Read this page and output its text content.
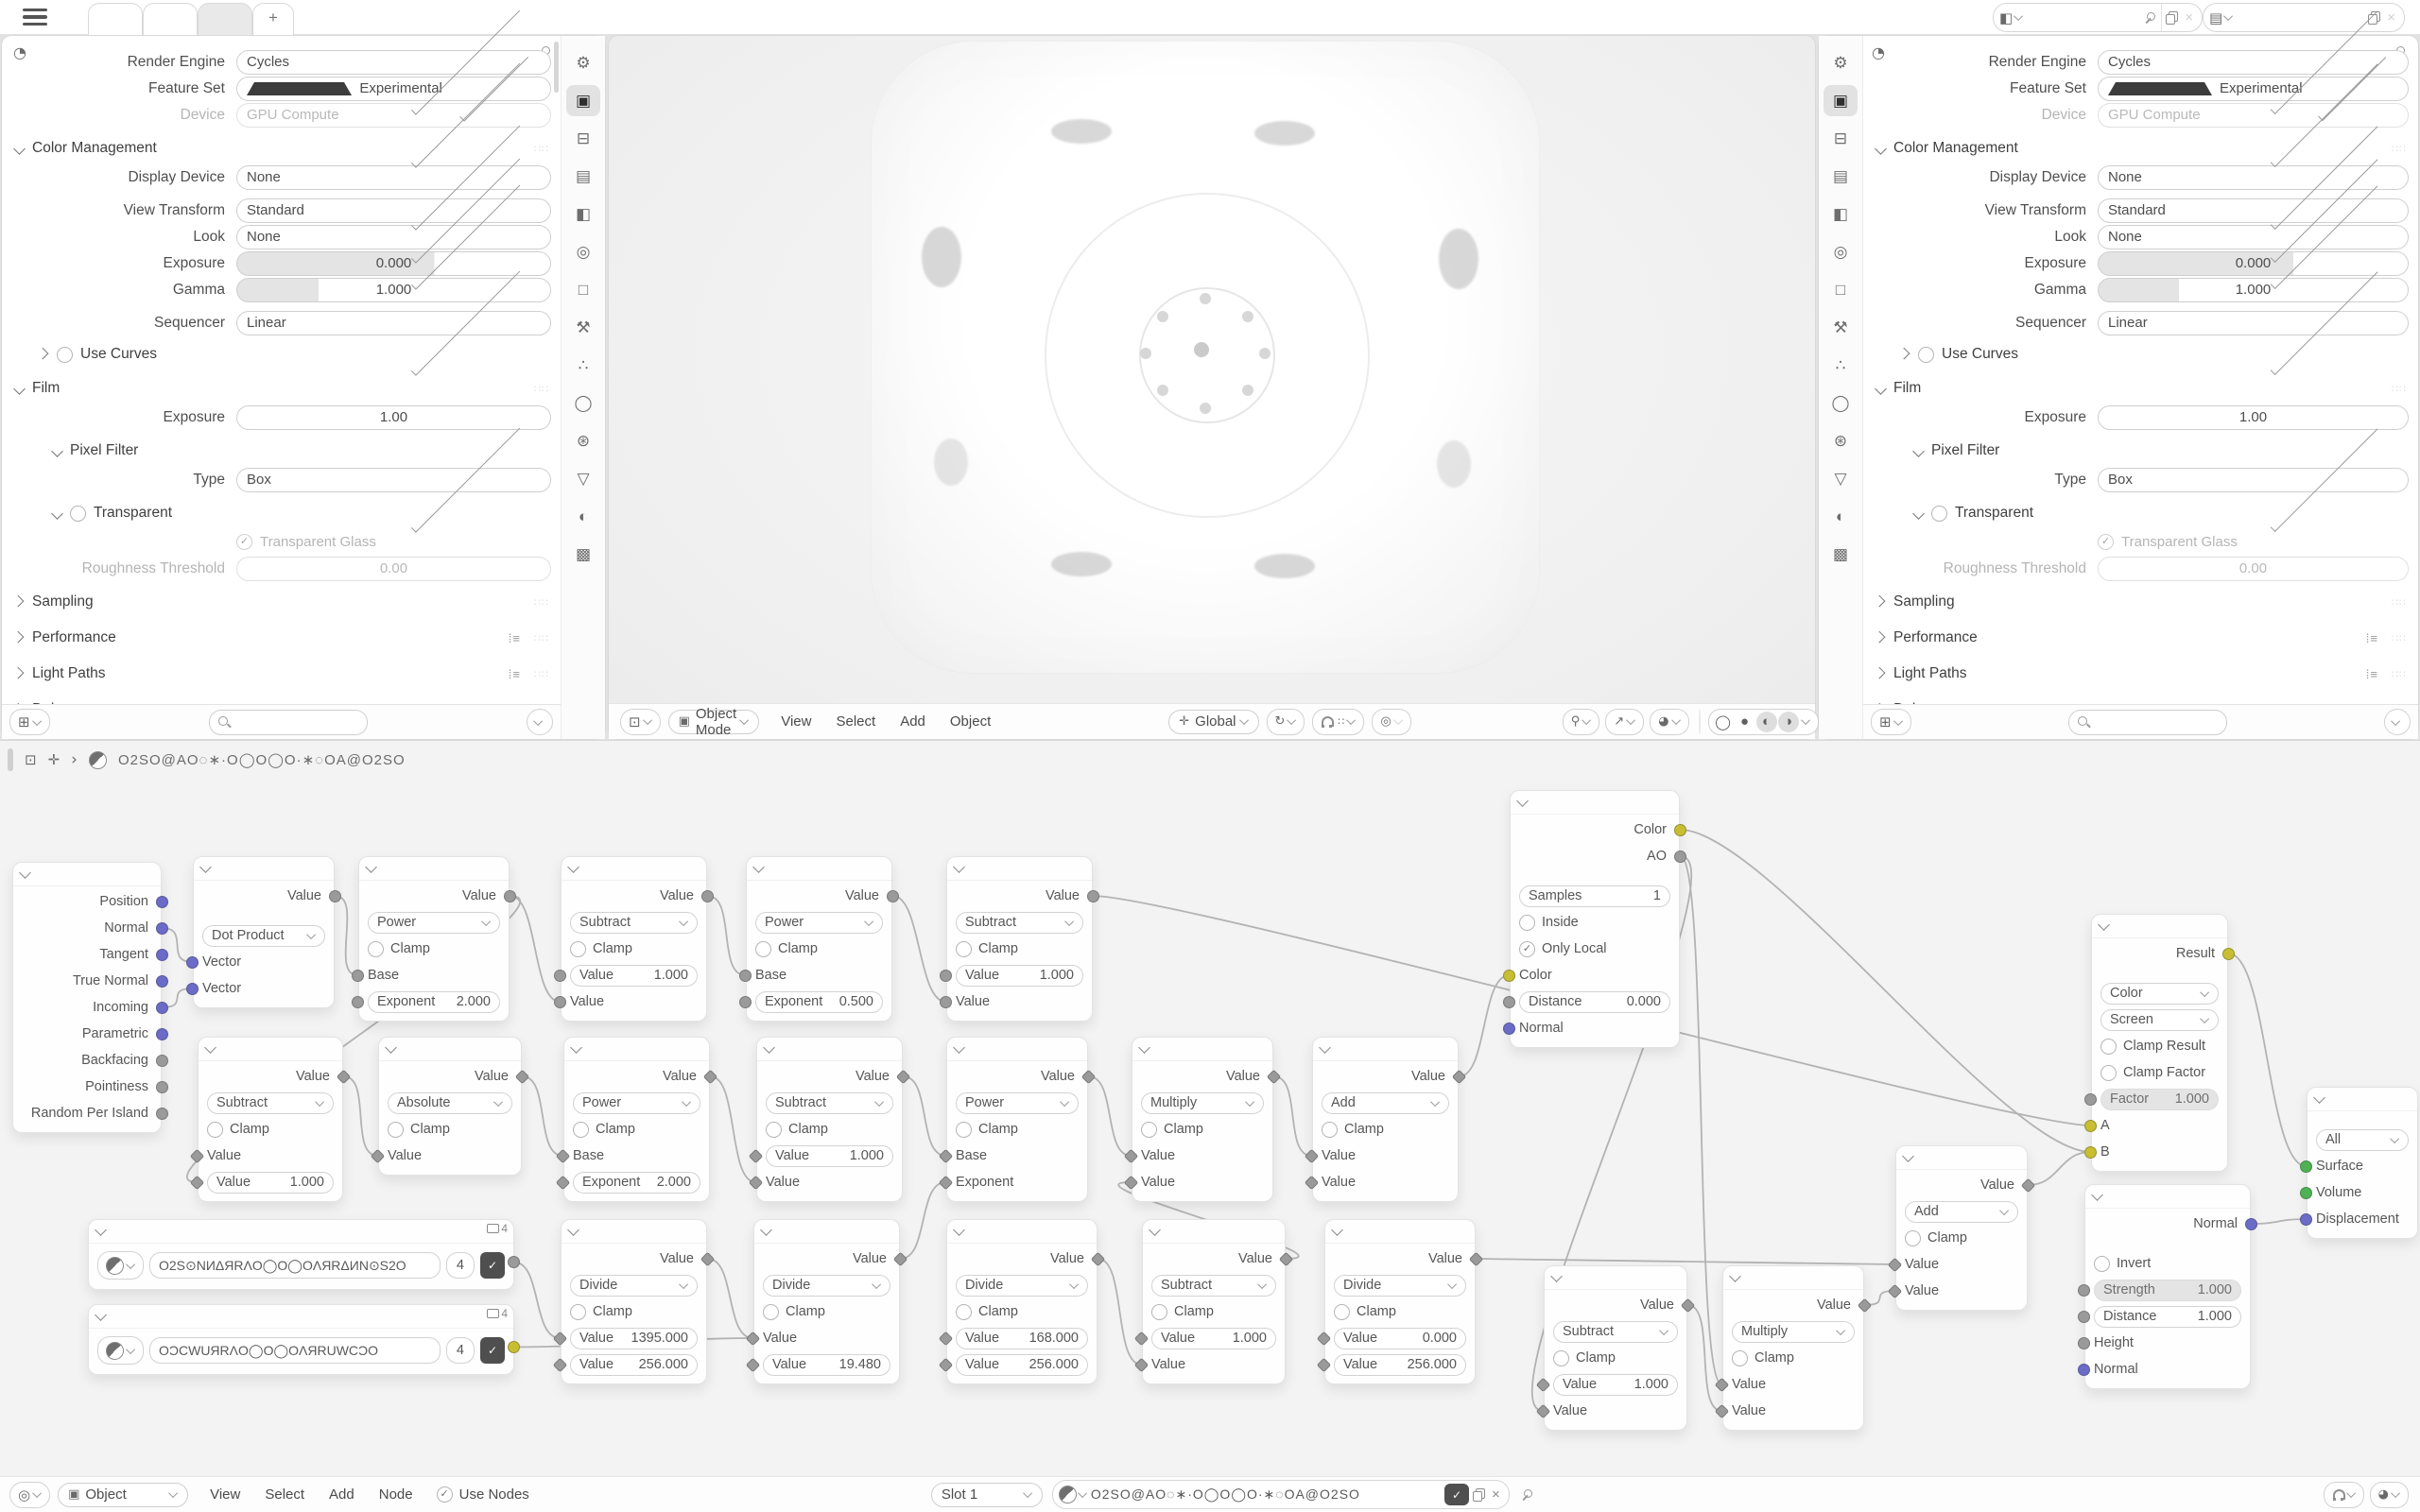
+	◧	× ▤	×
◔	Render Engine Cycles
Feature Set	Experimental
Device GPU Compute
Color Management	∷∷
Display Device None
View Transform Standard
Look None
Exposure	0.000
Gamma	1.000
Sequencer Linear
Use Curves
Film	∷∷
Exposure	1.00
Pixel Filter
Type Box
Transparent
✓
Transparent Glass
Roughness Threshold	0.00
Sampling	∷∷
Performance	⁞≡ ∷∷
Light Paths	⁞≡ ∷∷
⚙
▣
⊟
▤
◧
◎
□
⚒
∴
◯
⊛
▽
◐
▩
⊞	⊡	▣ Object Mode	View Select Add Object	✛ Global	↻	∷	◎	⚲	↗	◕	◯ ● ◐ ◑
◔
⚙
▣
⊟
▤
◧
◎
□
⚒
∴
◯
⊛
▽
◐
▩
Render Engine Cycles
Feature Set	Experimental
Device GPU Compute
Color Management	∷∷
Display Device None
View Transform Standard
Look None
Exposure	0.000
Gamma	1.000
Sequencer Linear
Use Curves
Film	∷∷
Exposure	1.00
Pixel Filter
Type Box
Transparent
✓
Transparent Glass
Roughness Threshold	0.00
Sampling	∷∷
Performance	⁞≡ ∷∷
Light Paths	⁞≡ ∷∷
⊞
⊡ ✛ ›	O2SO@AO◌∗·O◯O◯O·∗◌OA@O2SO
Position
Normal
Tangent
True Normal
Incoming
Parametric
Backfacing
Pointiness
Random Per Island
Value
Dot Product
Vector
Vector
Value
Power
Clamp
Base
Exponent 2.000
Value
Subtract
Clamp
Value	1.000
Value
Value
Power
Clamp
Base
Exponent 0.500
Value
Subtract
Clamp
Value	1.000
Value
Color
AO
Samples	1
Inside
✓
Only Local
Color
Distance	0.000
Normal
Value
Subtract
Clamp
Value
Value	1.000
Value
Absolute
Clamp
Value
Value
Power
Clamp
Base
Exponent 2.000
Value
Subtract
Clamp
Value	1.000
Value
Value
Power
Clamp
Base
Exponent
Value
Multiply
Clamp
Value
Value
Value
Add
Clamp
Value
Value
4
O2S⊙NИΔЯRΛO◯O◯OΛЯRΔИN⊙S2O	4	✓
4
OƆCWUЯRΛO◯O◯OΛЯRUWCƆO	4	✓
Value
Divide
Clamp
Value 1395.000
Value 256.000
Value
Divide
Clamp
Value
Value 19.480
Value
Divide
Clamp
Value 168.000
Value 256.000
Value
Subtract
Clamp
Value	1.000
Value
Value
Divide
Clamp
Value	0.000
Value 256.000
Value
Subtract
Clamp
Value	1.000
Value
Value
Multiply
Clamp
Value
Value
Value
Add
Clamp
Value
Value
Result
Color
Screen
Clamp Result
Clamp Factor
Factor 1.000
A
B
All
Surface
Volume
Displacement
Normal
Invert
Strength	1.000
Distance	1.000
Height
Normal
◎	▣ Object	View Select Add Node ✓	Use Nodes	Slot 1	O2SO@AO◌∗·O◯O◯O·∗◌OA@O2SO	✓	×	◕
